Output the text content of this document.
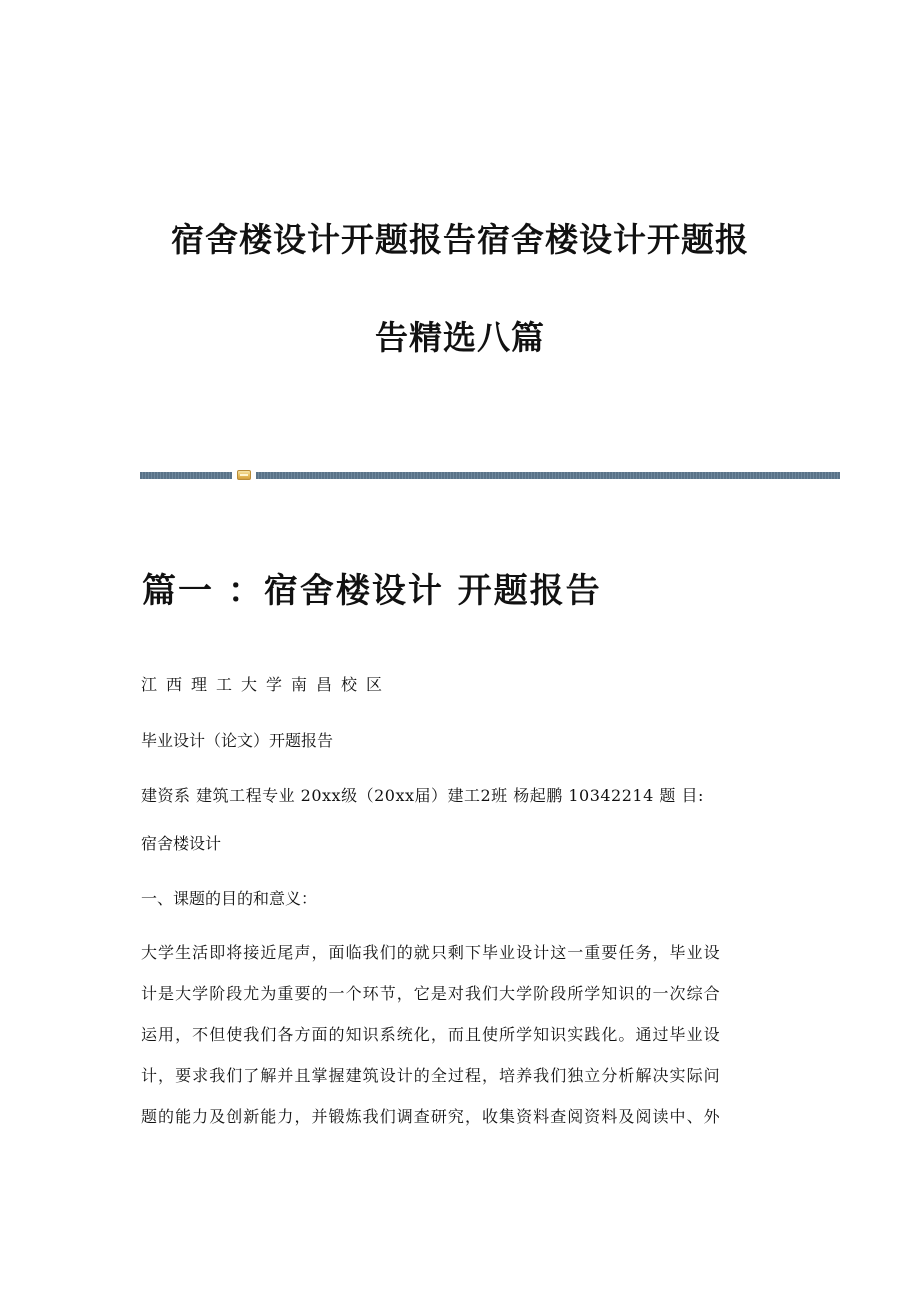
宿舍楼设计开题报告宿舍楼设计开题报
告精选八篇
篇一 ：宿舍楼设计 开题报告

江西理工大学南昌校区

毕业设计（论文）开题报告

建资系 建筑工程专业 20xx级（20xx届）建工2班 杨起鹏 10342214 题 目:

宿舍楼设计

一、课题的目的和意义：

大学生活即将接近尾声，面临我们的就只剩下毕业设计这一重要任务，毕业设
计是大学阶段尤为重要的一个环节，它是对我们大学阶段所学知识的一次综合
运用，不但使我们各方面的知识系统化，而且使所学知识实践化。通过毕业设
计，要求我们了解并且掌握建筑设计的全过程，培养我们独立分析解决实际问
题的能力及创新能力，并锻炼我们调查研究，收集资料查阅资料及阅读中、外
